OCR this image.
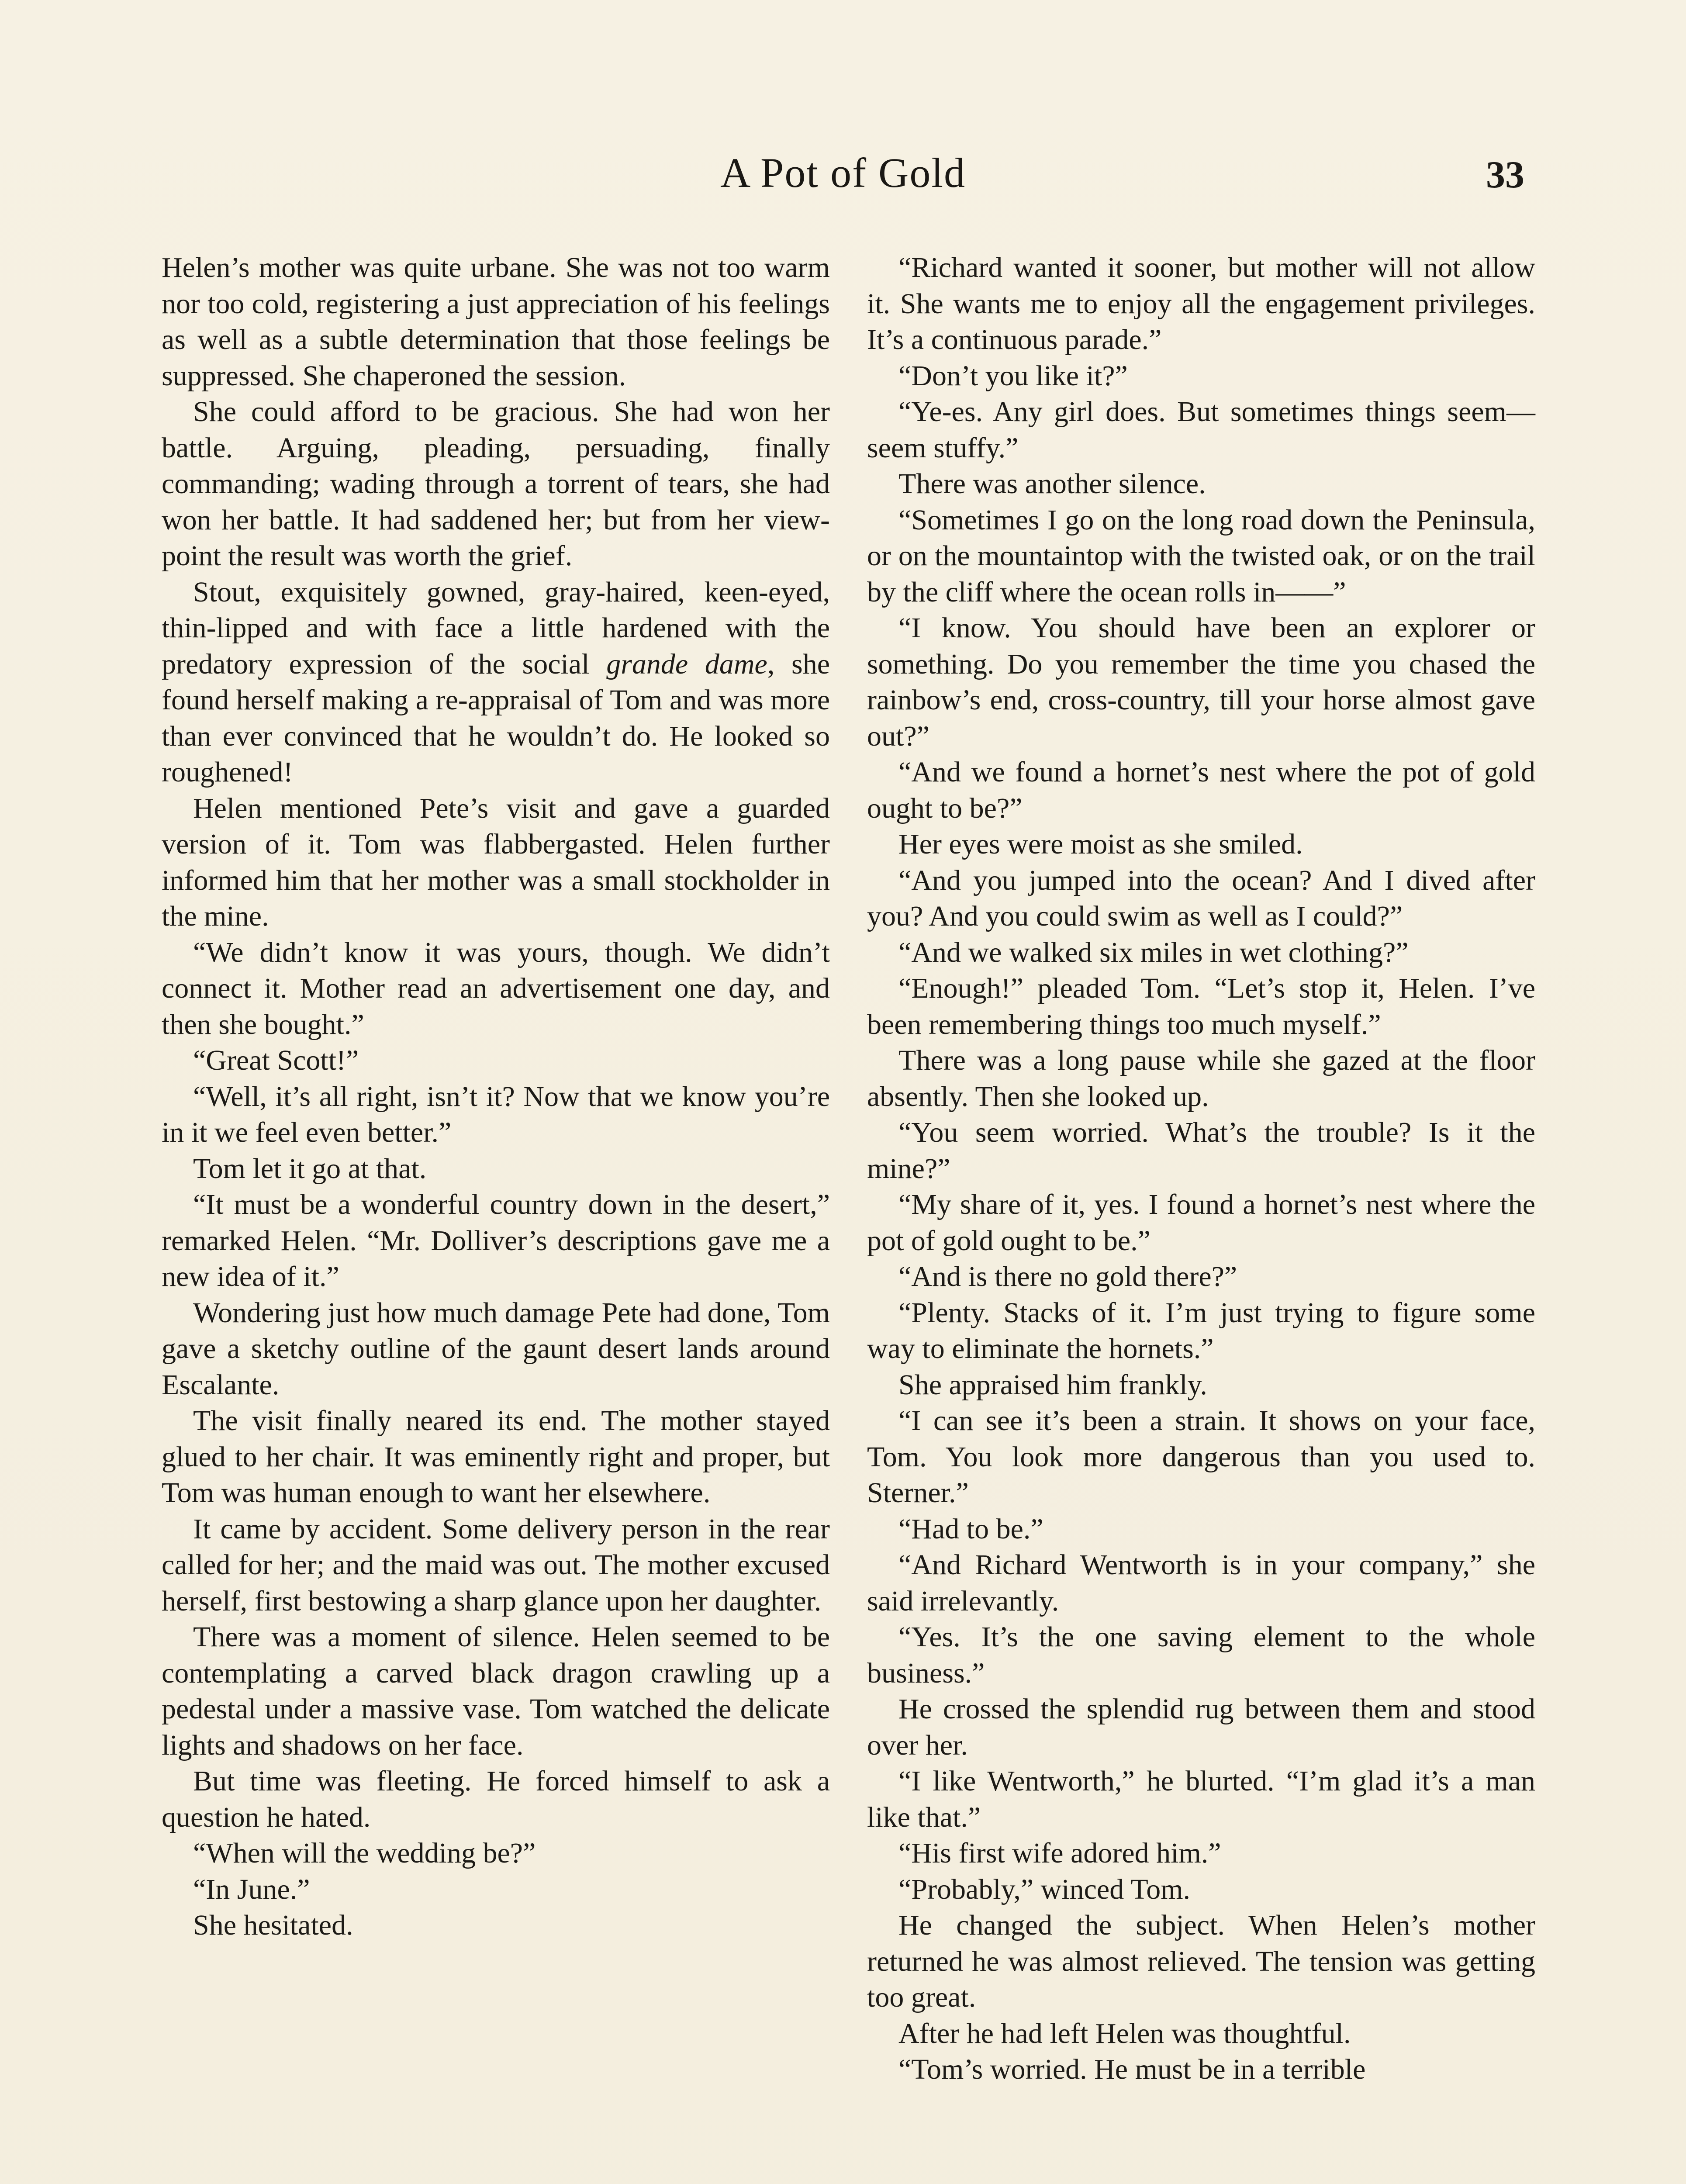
A Pot of Gold	33

Helen’s mother was quite urbane. She was not too warm nor too cold, registering a just appreciation of his feelings as well as a subtle determination that those feelings be suppressed. She chaperoned the session.

She could afford to be gracious. She had won her battle. Arguing, pleading, persuading, finally commanding; wading through a torrent of tears, she had won her battle. It had saddened her; but from her view-point the result was worth the grief.

Stout, exquisitely gowned, gray-haired, keen-eyed, thin-lipped and with face a little hardened with the predatory expression of the social grande dame, she found herself making a re-appraisal of Tom and was more than ever convinced that he wouldn’t do. He looked so roughened!

Helen mentioned Pete’s visit and gave a guarded version of it. Tom was flabbergasted. Helen further informed him that her mother was a small stockholder in the mine.

“We didn’t know it was yours, though. We didn’t connect it. Mother read an advertisement one day, and then she bought.”

“Great Scott!”

“Well, it’s all right, isn’t it? Now that we know you’re in it we feel even better.”

Tom let it go at that.

“It must be a wonderful country down in the desert,” remarked Helen. “Mr. Dolliver’s descriptions gave me a new idea of it.”

Wondering just how much damage Pete had done, Tom gave a sketchy outline of the gaunt desert lands around Escalante.

The visit finally neared its end. The mother stayed glued to her chair. It was eminently right and proper, but Tom was human enough to want her elsewhere.

It came by accident. Some delivery person in the rear called for her; and the maid was out. The mother excused herself, first bestowing a sharp glance upon her daughter.

There was a moment of silence. Helen seemed to be contemplating a carved black dragon crawling up a pedestal under a massive vase. Tom watched the delicate lights and shadows on her face.

But time was fleeting. He forced himself to ask a question he hated.

“When will the wedding be?”

“In June.”

She hesitated.

“Richard wanted it sooner, but mother will not allow it. She wants me to enjoy all the engagement privileges. It’s a continuous parade.”

“Don’t you like it?”

“Ye-es. Any girl does. But sometimes things seem—seem stuffy.”

There was another silence.

“Sometimes I go on the long road down the Peninsula, or on the mountaintop with the twisted oak, or on the trail by the cliff where the ocean rolls in——”

“I know. You should have been an explorer or something. Do you remember the time you chased the rainbow’s end, cross-country, till your horse almost gave out?”

“And we found a hornet’s nest where the pot of gold ought to be?”

Her eyes were moist as she smiled.

“And you jumped into the ocean? And I dived after you? And you could swim as well as I could?”

“And we walked six miles in wet clothing?”

“Enough!” pleaded Tom. “Let’s stop it, Helen. I’ve been remembering things too much myself.”

There was a long pause while she gazed at the floor absently. Then she looked up.

“You seem worried. What’s the trouble? Is it the mine?”

“My share of it, yes. I found a hornet’s nest where the pot of gold ought to be.”

“And is there no gold there?”

“Plenty. Stacks of it. I’m just trying to figure some way to eliminate the hornets.”

She appraised him frankly.

“I can see it’s been a strain. It shows on your face, Tom. You look more dangerous than you used to. Sterner.”

“Had to be.”

“And Richard Wentworth is in your company,” she said irrelevantly.

“Yes. It’s the one saving element to the whole business.”

He crossed the splendid rug between them and stood over her.

“I like Wentworth,” he blurted. “I’m glad it’s a man like that.”

“His first wife adored him.”

“Probably,” winced Tom.

He changed the subject. When Helen’s mother returned he was almost relieved. The tension was getting too great.

After he had left Helen was thoughtful.

“Tom’s worried. He must be in a terrible
